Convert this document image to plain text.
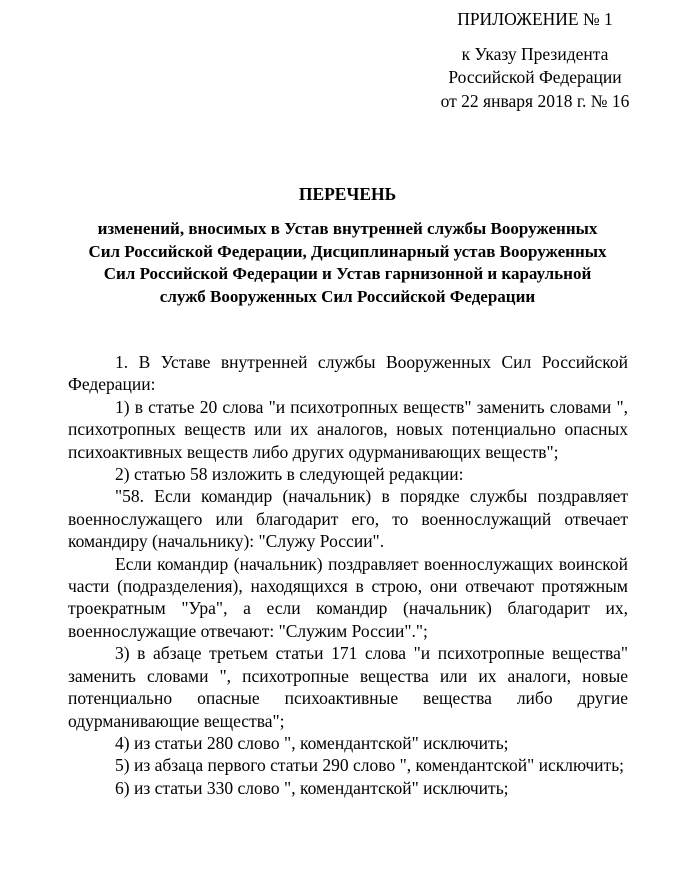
ПРИЛОЖЕНИЕ № 1
к Указу Президента
Российской Федерации
от 22 января 2018 г. № 16
ПЕРЕЧЕНЬ
изменений, вносимых в Устав внутренней службы Вооруженных Сил Российской Федерации, Дисциплинарный устав Вооруженных Сил Российской Федерации и Устав гарнизонной и караульной служб Вооруженных Сил Российской Федерации

1. В Уставе внутренней службы Вооруженных Сил Российской Федерации:

1) в статье 20 слова "и психотропных веществ" заменить словами ", психотропных веществ или их аналогов, новых потенциально опасных психоактивных веществ либо других одурманивающих веществ";

2) статью 58 изложить в следующей редакции:

"58. Если командир (начальник) в порядке службы поздравляет военнослужащего или благодарит его, то военнослужащий отвечает командиру (начальнику): "Служу России".

Если командир (начальник) поздравляет военнослужащих воинской части (подразделения), находящихся в строю, они отвечают протяжным троекратным "Ура", а если командир (начальник) благодарит их, военнослужащие отвечают: "Служим России".";

3) в абзаце третьем статьи 171 слова "и психотропные вещества" заменить словами ", психотропные вещества или их аналоги, новые потенциально опасные психоактивные вещества либо другие одурманивающие вещества";

4) из статьи 280 слово ", комендантской" исключить;

5) из абзаца первого статьи 290 слово ", комендантской" исключить;

6) из статьи 330 слово ", комендантской" исключить;
